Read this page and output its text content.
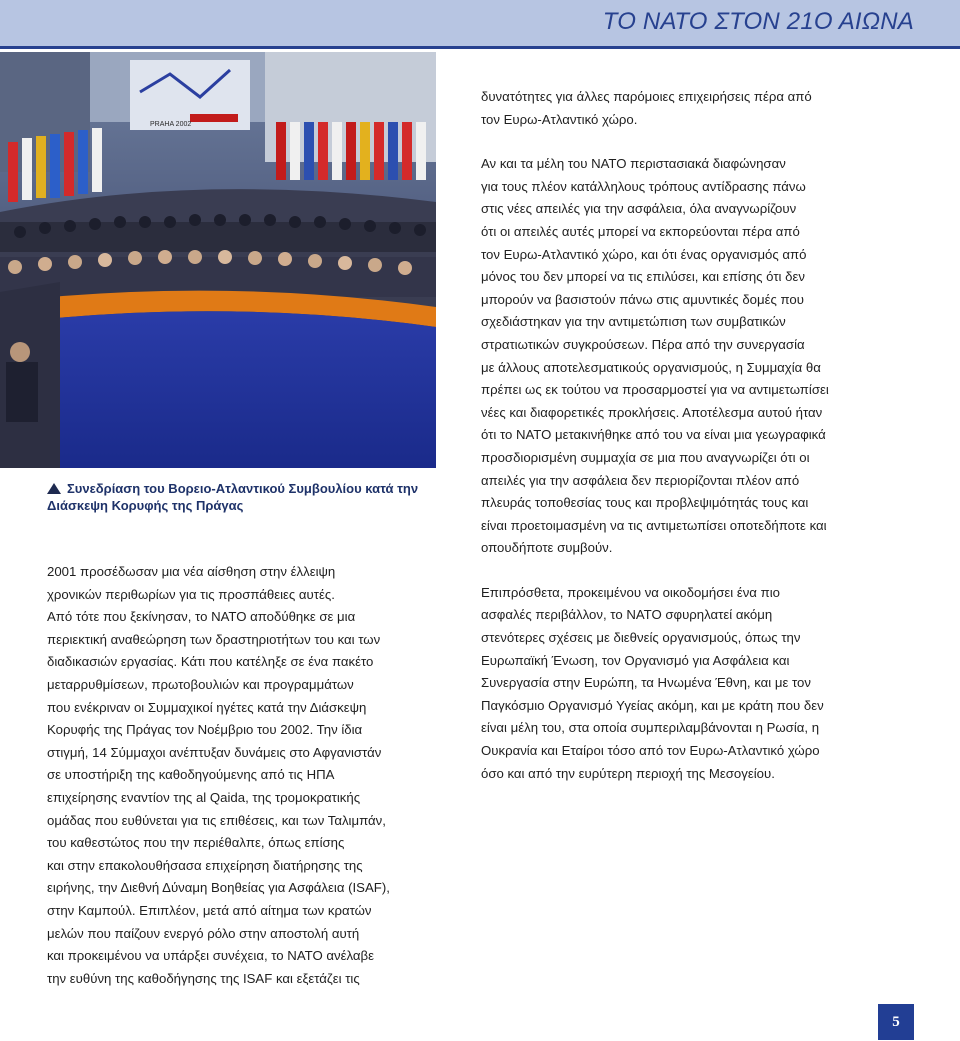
ΤΟ ΝΑΤΟ ΣΤΟΝ 21Ο ΑΙΩΝΑ
PRAHA 2002
Συνεδρίαση του Βορειο-Ατλαντικού Συμβουλίου κατά την Διάσκεψη Κορυφής της Πράγας

2001 προσέδωσαν μια νέα αίσθηση στην έλλειψη
χρονικών περιθωρίων για τις προσπάθειες αυτές.
Από τότε που ξεκίνησαν, το ΝΑΤΟ αποδύθηκε σε μια
περιεκτική αναθεώρηση των δραστηριοτήτων του και των
διαδικασιών εργασίας. Κάτι που κατέληξε σε ένα πακέτο
μεταρρυθμίσεων, πρωτοβουλιών και προγραμμάτων
που ενέκριναν οι Συμμαχικοί ηγέτες κατά την Διάσκεψη
Κορυφής της Πράγας τον Νοέμβριο του 2002. Την ίδια
στιγμή, 14 Σύμμαχοι ανέπτυξαν δυνάμεις στο Αφγανιστάν
σε υποστήριξη της καθοδηγούμενης από τις ΗΠΑ
επιχείρησης εναντίον της al Qaida, της τρομοκρατικής
ομάδας που ευθύνεται για τις επιθέσεις, και των Ταλιμπάν,
του καθεστώτος που την περιέθαλπε, όπως επίσης
και στην επακολουθήσασα επιχείρηση διατήρησης της
ειρήνης, την Διεθνή Δύναμη Βοηθείας για Ασφάλεια (ISAF),
στην Καμπούλ. Επιπλέον, μετά από αίτημα των κρατών
μελών που παίζουν ενεργό ρόλο στην αποστολή αυτή
και προκειμένου να υπάρξει συνέχεια, το ΝΑΤΟ ανέλαβε
την ευθύνη της καθοδήγησης της ISAF και εξετάζει τις

δυνατότητες για άλλες παρόμοιες επιχειρήσεις πέρα από
τον Ευρω-Ατλαντικό χώρο.

Αν και τα μέλη του ΝΑΤΟ περιστασιακά διαφώνησαν
για τους πλέον κατάλληλους τρόπους αντίδρασης πάνω
στις νέες απειλές για την ασφάλεια, όλα αναγνωρίζουν
ότι οι απειλές αυτές μπορεί να εκπορεύονται πέρα από
τον Ευρω-Ατλαντικό χώρο, και ότι ένας οργανισμός από
μόνος του δεν μπορεί να τις επιλύσει, και επίσης ότι δεν
μπορούν να βασιστούν πάνω στις αμυντικές δομές που
σχεδιάστηκαν για την αντιμετώπιση των συμβατικών
στρατιωτικών συγκρούσεων. Πέρα από την συνεργασία
με άλλους αποτελεσματικούς οργανισμούς, η Συμμαχία θα
πρέπει ως εκ τούτου να προσαρμοστεί για να αντιμετωπίσει
νέες και διαφορετικές προκλήσεις. Αποτέλεσμα αυτού ήταν
ότι το ΝΑΤΟ μετακινήθηκε από του να είναι μια γεωγραφικά
προσδιορισμένη συμμαχία σε μια που αναγνωρίζει ότι οι
απειλές για την ασφάλεια δεν περιορίζονται πλέον από
πλευράς τοποθεσίας τους και προβλεψιμότητάς τους και
είναι προετοιμασμένη να τις αντιμετωπίσει οποτεδήποτε και
οπουδήποτε συμβούν.

Επιπρόσθετα, προκειμένου να οικοδομήσει ένα πιο
ασφαλές περιβάλλον, το ΝΑΤΟ σφυρηλατεί ακόμη
στενότερες σχέσεις με διεθνείς οργανισμούς, όπως την
Ευρωπαϊκή Ένωση, τον Οργανισμό για Ασφάλεια και
Συνεργασία στην Ευρώπη, τα Ηνωμένα Έθνη, και με τον
Παγκόσμιο Οργανισμό Υγείας ακόμη, και με κράτη που δεν
είναι μέλη του, στα οποία συμπεριλαμβάνονται η Ρωσία, η
Ουκρανία και Εταίροι τόσο από τον Ευρω-Ατλαντικό χώρο
όσο και από την ευρύτερη περιοχή της Μεσογείου.

5
